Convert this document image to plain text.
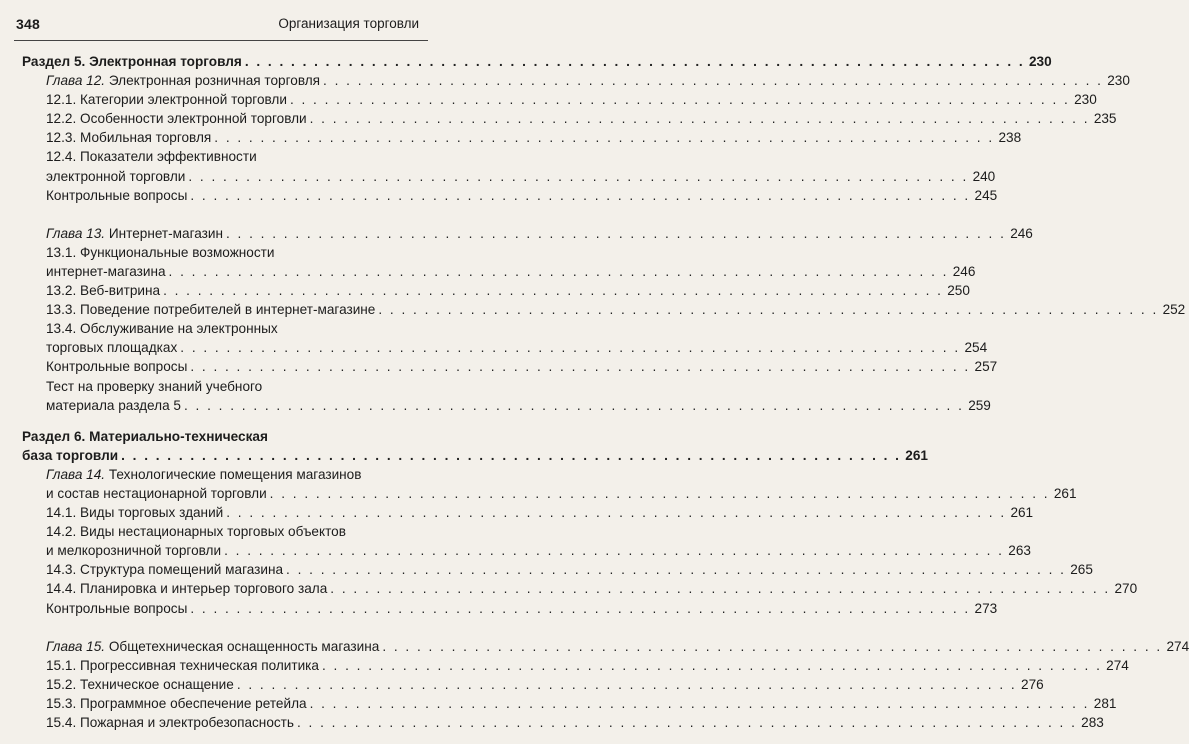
348	Организация торговли
Раздел 5. Электронная торговля . . .	230
Глава 12. Электронная розничная торговля . . .	230
12.1. Категории электронной торговли . . .	230
12.2. Особенности электронной торговли . . .	235
12.3. Мобильная торговля . . .	238
12.4. Показатели эффективности
электронной торговли . . .	240
Контрольные вопросы . . .	245
Глава 13. Интернет-магазин . . .	246
13.1. Функциональные возможности
интернет-магазина . . .	246
13.2. Веб-витрина . . .	250
13.3. Поведение потребителей в интернет-магазине . . .	252
13.4. Обслуживание на электронных
торговых площадках . . .	254
Контрольные вопросы . . .	257
Тест на проверку знаний учебного
материала раздела 5 . . .	259
Раздел 6. Материально-техническая
база торговли . . .	261
Глава 14. Технологические помещения магазинов
и состав нестационарной торговли . . .	261
14.1. Виды торговых зданий . . .	261
14.2. Виды нестационарных торговых объектов
и мелкорозничной торговли . . .	263
14.3. Структура помещений магазина . . .	265
14.4. Планировка и интерьер торгового зала . . .	270
Контрольные вопросы . . .	273
Глава 15. Общетехническая оснащенность магазина . . .	274
15.1. Прогрессивная техническая политика . . .	274
15.2. Техническое оснащение . . .	276
15.3. Программное обеспечение ретейла . . .	281
15.4. Пожарная и электробезопасность . . .	283
